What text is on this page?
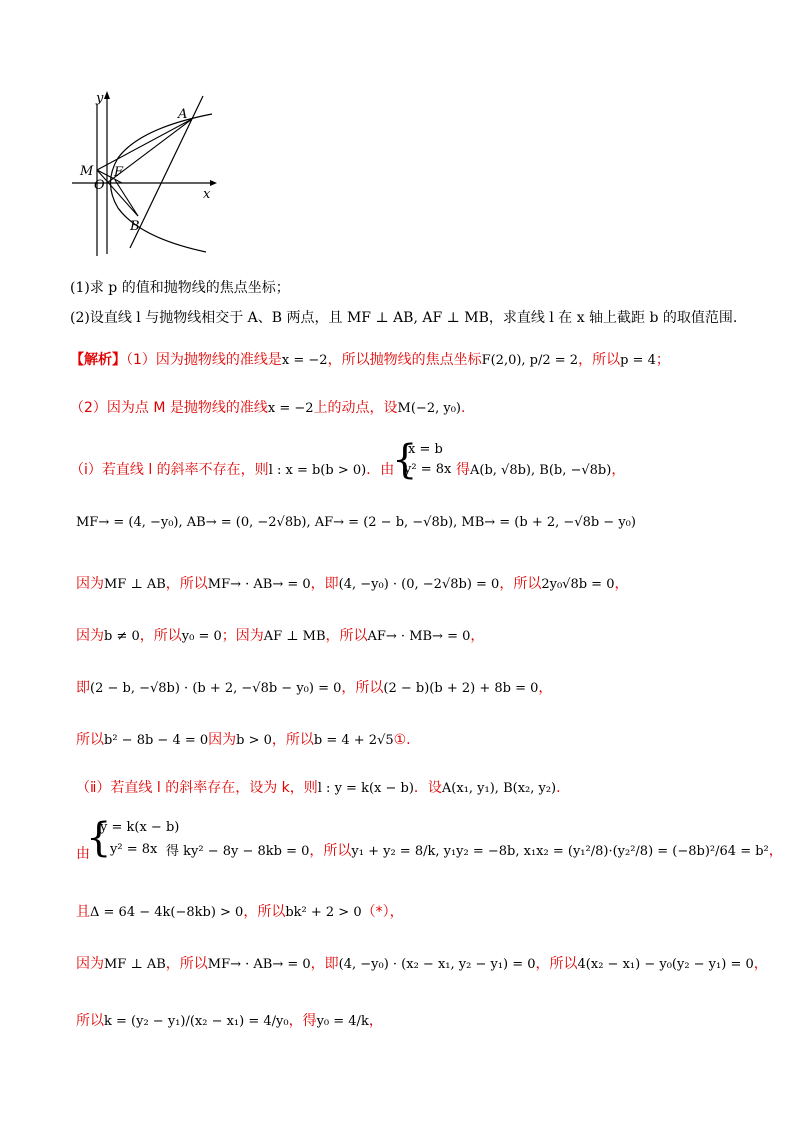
y
x
A
B
M
O
F
(1)求 p 的值和抛物线的焦点坐标；
(2)设直线 l 与抛物线相交于 A、B 两点，且 MF ⊥ AB, AF ⊥ MB，求直线 l 在 x 轴上截距 b 的取值范围.
【解析】（1）因为抛物线的准线是x = −2，所以抛物线的焦点坐标F(2,0), p/2 = 2，所以p = 4；
（2）因为点 M 是抛物线的准线x = −2上的动点，设M(−2, y₀).
（ⅰ）若直线 l 的斜率不存在，则l : x = b(b > 0)．由
{
x = b
y² = 8x 得A(b, √8b), B(b, −√8b)，
MF→ = (4, −y₀), AB→ = (0, −2√8b), AF→ = (2 − b, −√8b), MB→ = (b + 2, −√8b − y₀)
因为MF ⊥ AB，所以MF→ · AB→ = 0，即(4, −y₀) · (0, −2√8b) = 0，所以2y₀√8b = 0，
因为b ≠ 0，所以y₀ = 0；因为AF ⊥ MB，所以AF→ · MB→ = 0，
即(2 − b, −√8b) · (b + 2, −√8b − y₀) = 0，所以(2 − b)(b + 2) + 8b = 0，
所以b² − 8b − 4 = 0因为b > 0，所以b = 4 + 2√5①.
（ⅱ）若直线 l 的斜率存在，设为 k，则l : y = k(x − b)．设A(x₁, y₁), B(x₂, y₂).
{
y = k(x − b)
y² = 8x
由	得 ky² − 8y − 8kb = 0，所以y₁ + y₂ = 8/k, y₁y₂ = −8b, x₁x₂ = (y₁²/8)·(y₂²/8) = (−8b)²/64 = b²，
且Δ = 64 − 4k(−8kb) > 0，所以bk² + 2 > 0（*），
因为MF ⊥ AB，所以MF→ · AB→ = 0，即(4, −y₀) · (x₂ − x₁, y₂ − y₁) = 0，所以4(x₂ − x₁) − y₀(y₂ − y₁) = 0，
所以k = (y₂ − y₁)/(x₂ − x₁) = 4/y₀，得y₀ = 4/k，
